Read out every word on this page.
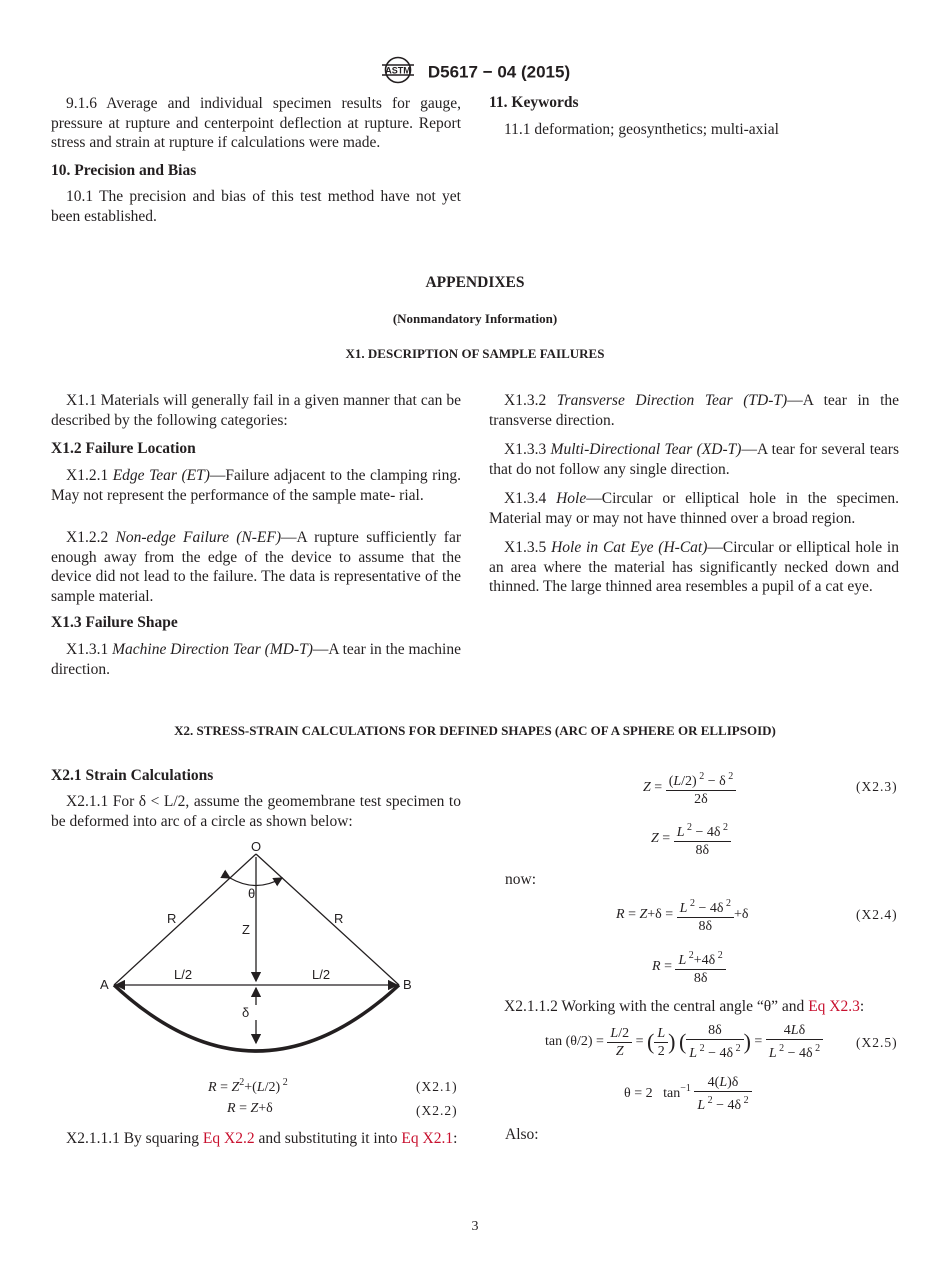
ASTM D5617 − 04 (2015)

9.1.6 Average and individual specimen results for gauge, pressure at rupture and centerpoint deflection at rupture. Report stress and strain at rupture if calculations were made.

10. Precision and Bias

10.1 The precision and bias of this test method have not yet been established.

11. Keywords

11.1 deformation; geosynthetics; multi-axial

APPENDIXES
(Nonmandatory Information)
X1. DESCRIPTION OF SAMPLE FAILURES

X1.1 Materials will generally fail in a given manner that can be described by the following categories:

X1.2 Failure Location

X1.2.1 Edge Tear (ET)—Failure adjacent to the clamping ring. May not represent the performance of the sample mate- rial.

X1.2.2 Non-edge Failure (N-EF)—A rupture sufficiently far enough away from the edge of the device to assume that the device did not lead to the failure. The data is representative of the sample material.

X1.3 Failure Shape

X1.3.1 Machine Direction Tear (MD-T)—A tear in the machine direction.

X1.3.2 Transverse Direction Tear (TD-T)—A tear in the transverse direction.

X1.3.3 Multi-Directional Tear (XD-T)—A tear for several tears that do not follow any single direction.

X1.3.4 Hole—Circular or elliptical hole in the specimen. Material may or may not have thinned over a broad region.

X1.3.5 Hole in Cat Eye (H-Cat)—Circular or elliptical hole in an area where the material has significantly necked down and thinned. The large thinned area resembles a pupil of a cat eye.

X2. STRESS-STRAIN CALCULATIONS FOR DEFINED SHAPES (ARC OF A SPHERE OR ELLIPSOID)

X2.1 Strain Calculations

X2.1.1 For δ < L/2, assume the geomembrane test specimen to be deformed into arc of a circle as shown below:

O
θ
R	R
Z
A	B
L/2	L/2
δ
$R = Z^2+(L/2)$ $^2$	(X2.1)
R = Z+δ	(X2.2)

X2.1.1.1 By squaring Eq X2.2 and substituting it into Eq X2.1:

$Z = \frac{(L/2) ^2 - \delta ^2}{2\delta}$	(X2.3)
$Z = \frac{L ^2 - 4\delta ^2}{8\delta}$

now:

$R = Z+\delta = \frac{L ^2 - 4\delta ^2}{8\delta} +\delta$	(X2.4)
$R = \frac{L ^2+4\delta ^2}{8\delta}$

X2.1.1.2 Working with the central angle “θ” and Eq X2.3:

$\tan (\theta/2) = \frac{L/2}{Z}$ = ( $\frac{L}{2}$ ) ( $\frac{8\delta}{L ^2 - 4\delta ^2}$ ) = $\frac{4L\delta}{L ^2 - 4\delta ^2} (X2.5)$
θ = 2   $\tan^{-1} \frac{4(L)\delta}{L ^2 - 4\delta ^2}$

Also:

3
